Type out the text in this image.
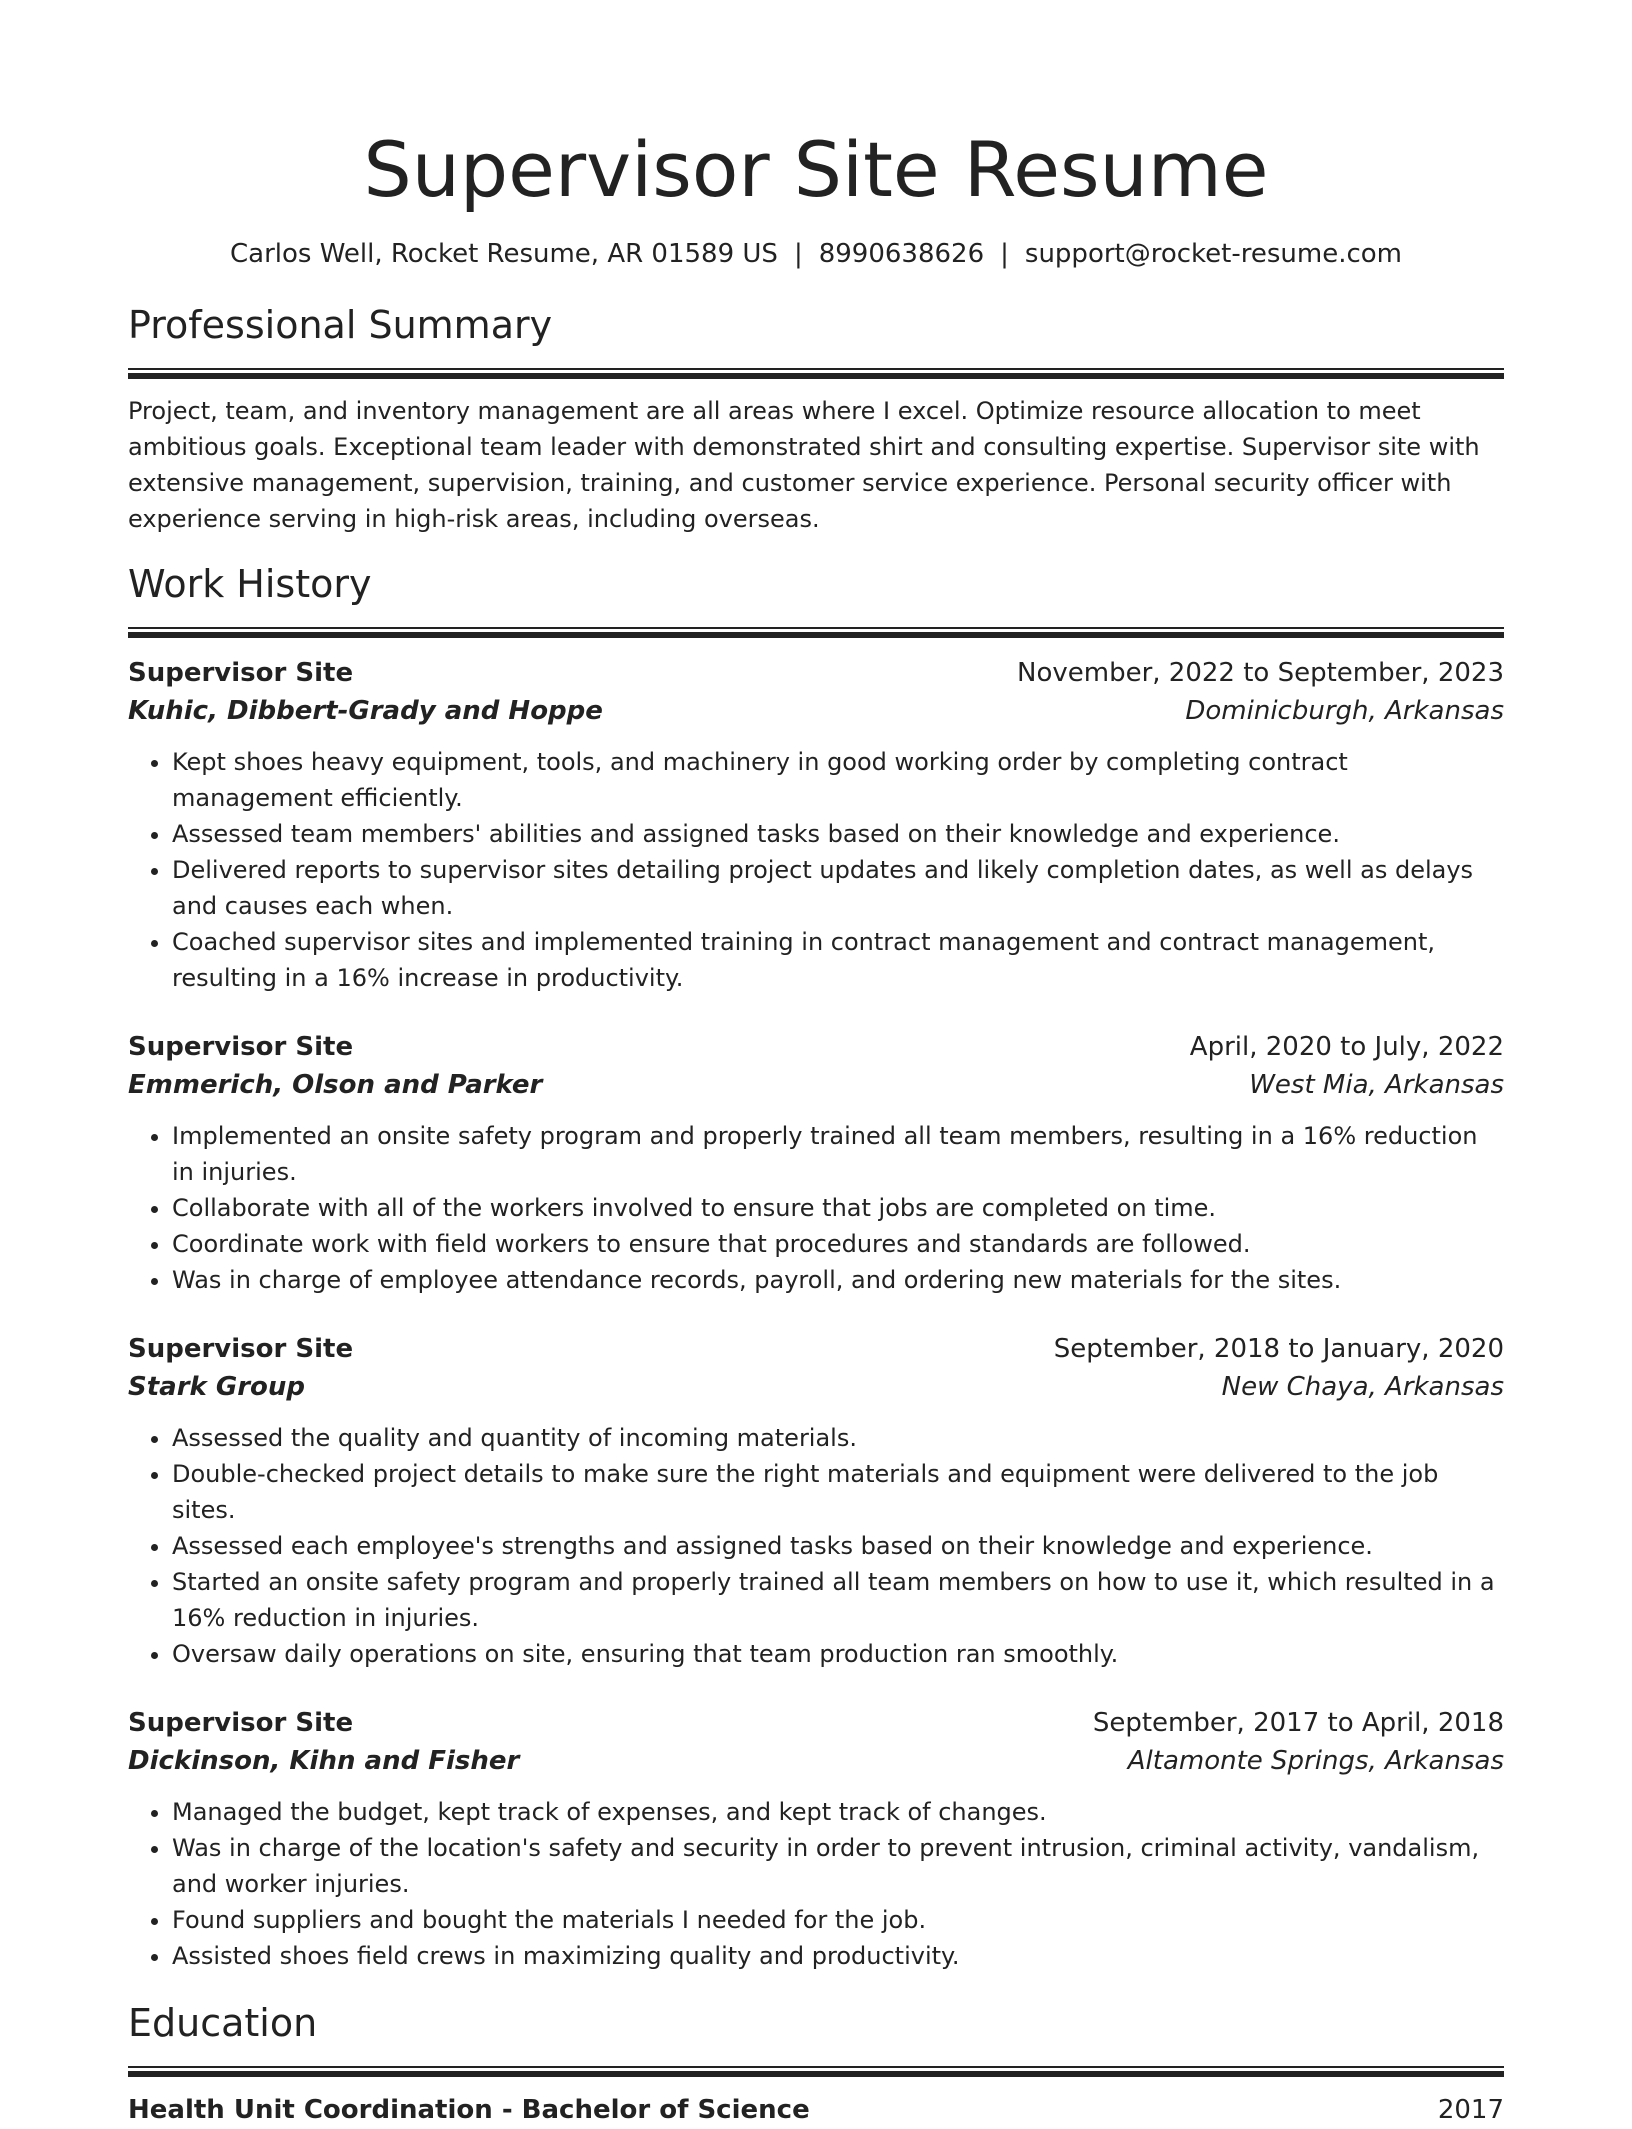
Supervisor Site Resume
Carlos Well, Rocket Resume, AR 01589 US | 8990638626 | support@rocket-resume.com
Professional Summary

Project, team, and inventory management are all areas where I excel. Optimize resource allocation to meet ambitious goals. Exceptional team leader with demonstrated shirt and consulting expertise. Supervisor site with extensive management, supervision, training, and customer service experience. Personal security officer with experience serving in high-risk areas, including overseas.

Work History
Supervisor Site	November, 2022 to September, 2023
Kuhic, Dibbert-Grady and Hoppe	Dominicburgh, Arkansas
• Kept shoes heavy equipment, tools, and machinery in good working order by completing contract management efficiently.
• Assessed team members' abilities and assigned tasks based on their knowledge and experience.
• Delivered reports to supervisor sites detailing project updates and likely completion dates, as well as delays and causes each when.
• Coached supervisor sites and implemented training in contract management and contract management, resulting in a 16% increase in productivity.
Supervisor Site	April, 2020 to July, 2022
Emmerich, Olson and Parker	West Mia, Arkansas
• Implemented an onsite safety program and properly trained all team members, resulting in a 16% reduction in injuries.
• Collaborate with all of the workers involved to ensure that jobs are completed on time.
• Coordinate work with field workers to ensure that procedures and standards are followed.
• Was in charge of employee attendance records, payroll, and ordering new materials for the sites.
Supervisor Site	September, 2018 to January, 2020
Stark Group	New Chaya, Arkansas
• Assessed the quality and quantity of incoming materials.
• Double-checked project details to make sure the right materials and equipment were delivered to the job sites.
• Assessed each employee's strengths and assigned tasks based on their knowledge and experience.
• Started an onsite safety program and properly trained all team members on how to use it, which resulted in a 16% reduction in injuries.
• Oversaw daily operations on site, ensuring that team production ran smoothly.
Supervisor Site	September, 2017 to April, 2018
Dickinson, Kihn and Fisher	Altamonte Springs, Arkansas
• Managed the budget, kept track of expenses, and kept track of changes.
• Was in charge of the location's safety and security in order to prevent intrusion, criminal activity, vandalism, and worker injuries.
• Found suppliers and bought the materials I needed for the job.
• Assisted shoes field crews in maximizing quality and productivity.
Education
Health Unit Coordination - Bachelor of Science	2017
